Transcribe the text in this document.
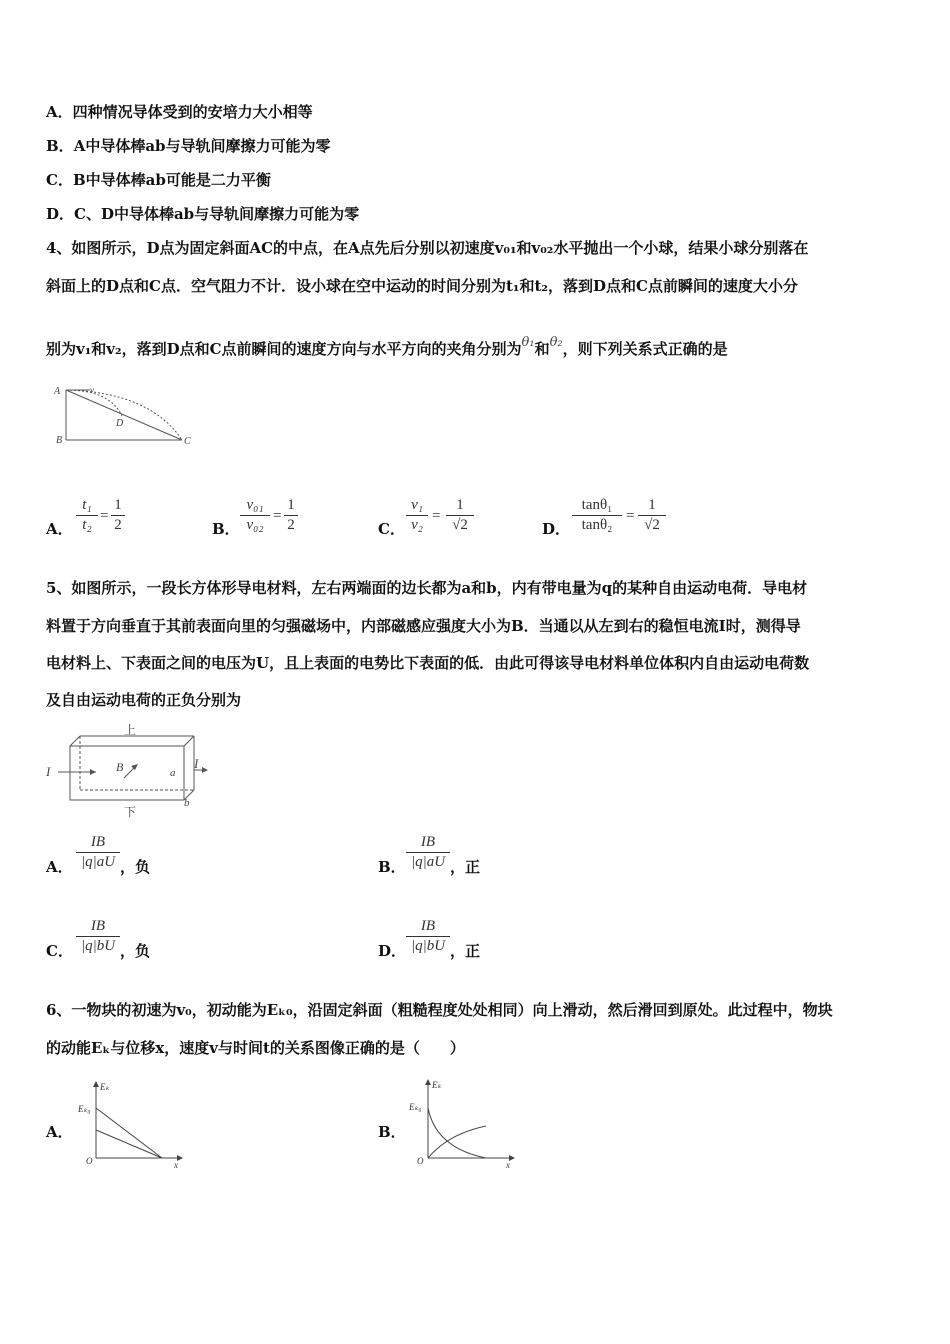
A．四种情况导体受到的安培力大小相等
B．A中导体棒ab与导轨间摩擦力可能为零
C．B中导体棒ab可能是二力平衡
D．C、D中导体棒ab与导轨间摩擦力可能为零
4、如图所示，D点为固定斜面AC的中点，在A点先后分别以初速度v₀₁和v₀₂水平抛出一个小球，结果小球分别落在
斜面上的D点和C点．空气阻力不计．设小球在空中运动的时间分别为t₁和t₂，落到D点和C点前瞬间的速度大小分
别为v₁和v₂，落到D点和C点前瞬间的速度方向与水平方向的夹角分别为θ₁和θ₂，则下列关系式正确的是
A	v
B
D
C
A．
t₁
t₂
=
1
2	B．
v₀₁
v₀₂
=
1
2	C．
v₁
v₂
=
1
√2	D．
tanθ₁
tanθ₂
=
1
√2
5、如图所示，一段长方体形导电材料，左右两端面的边长都为a和b，内有带电量为q的某种自由运动电荷．导电材
料置于方向垂直于其前表面向里的匀强磁场中，内部磁感应强度大小为B．当通以从左到右的稳恒电流I时，测得导
电材料上、下表面之间的电压为U，且上表面的电势比下表面的低．由此可得该导电材料单位体积内自由运动电荷数
及自由运动电荷的正负分别为
上
下
I
I
B	a
b
A．
IB
|q|aU ，负	B．
IB
|q|aU ，正
C．
IB
|q|bU ，负	D．
IB
|q|bU ，正
6、一物块的初速为v₀，初动能为Eₖ₀，沿固定斜面（粗糙程度处处相同）向上滑动，然后滑回到原处。此过程中，物块
的动能Eₖ与位移x，速度v与时间t的关系图像正确的是（　　）
A．
Eₖ
Eₖ₀
O	x
B．
Eₖ
Eₖ₀
O	x
